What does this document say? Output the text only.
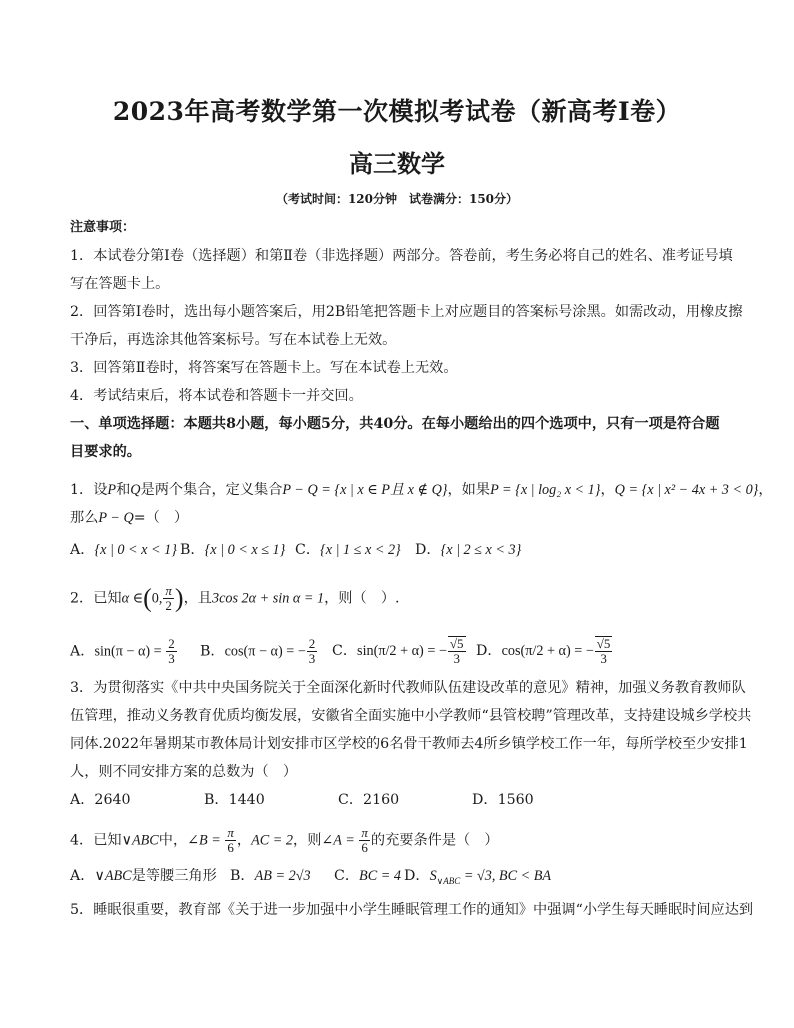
2023年高考数学第一次模拟考试卷（新高考Ⅰ卷）
高三数学
（考试时间：120分钟　试卷满分：150分）
注意事项：
1．本试卷分第Ⅰ卷（选择题）和第Ⅱ卷（非选择题）两部分。答卷前，考生务必将自己的姓名、准考证号填
写在答题卡上。
2．回答第Ⅰ卷时，选出每小题答案后，用2B铅笔把答题卡上对应题目的答案标号涂黑。如需改动，用橡皮擦
干净后，再选涂其他答案标号。写在本试卷上无效。
3．回答第Ⅱ卷时，将答案写在答题卡上。写在本试卷上无效。
4．考试结束后，将本试卷和答题卡一并交回。
一、单项选择题：本题共8小题，每小题5分，共40分。在每小题给出的四个选项中，只有一项是符合题
目要求的。
1．设P和Q是两个集合，定义集合P − Q = {x | x ∈ P且 x ∉ Q}，如果P = {x | log₂ x < 1}，Q = {x | x² − 4x + 3 < 0}，
那么P − Q=（　）
A．{x | 0 < x < 1} B．{x | 0 < x ≤ 1} C．{x | 1 ≤ x < 2} D．{x | 2 ≤ x < 3}
2．已知α ∈(0, $\frac{\pi}{2}$ )，且3cos 2α + sin α = 1，则（　）.
A．$\sin(\pi - \alpha) = \frac{2}{3}$ B．cos(π − α) = − $\frac{2}{3}$ C．sin(π/2 + α) = − $\frac{√5}{3}$ D．cos(π/2 + α) = − $\frac{√5}{3}$
3．为贯彻落实《中共中央国务院关于全面深化新时代教师队伍建设改革的意见》精神，加强义务教育教师队
伍管理，推动义务教育优质均衡发展，安徽省全面实施中小学教师“县管校聘”管理改革，支持建设城乡学校共
同体.2022年暑期某市教体局计划安排市区学校的6名骨干教师去4所乡镇学校工作一年，每所学校至少安排1
人，则不同安排方案的总数为（　）
A．2640	B．1440	C．2160	D．1560
4．已知∨ABC中，∠B = $\frac{\pi}{6}$ ，AC = 2，则∠A = $\frac{\pi}{6}$ 的充要条件是（　）
A．∨ABC是等腰三角形 B．AB = 2√3 C．BC = 4 D．$S_{\vee ABC} = √3$, BC < BA
5．睡眠很重要，教育部《关于进一步加强中小学生睡眠管理工作的通知》中强调“小学生每天睡眠时间应达到
